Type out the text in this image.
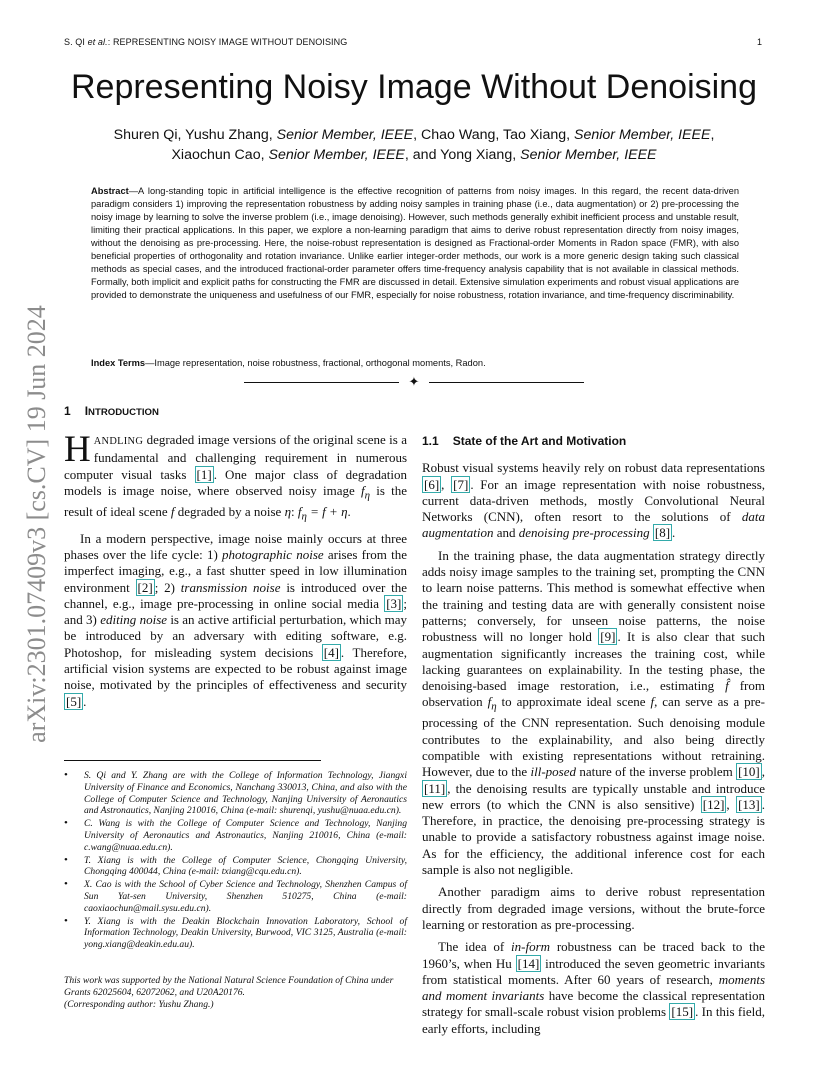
S. QI et al.: REPRESENTING NOISY IMAGE WITHOUT DENOISING	1
arXiv:2301.07409v3 [cs.CV] 19 Jun 2024
Representing Noisy Image Without Denoising
Shuren Qi, Yushu Zhang, Senior Member, IEEE, Chao Wang, Tao Xiang, Senior Member, IEEE,
Xiaochun Cao, Senior Member, IEEE, and Yong Xiang, Senior Member, IEEE

Abstract—A long-standing topic in artificial intelligence is the effective recognition of patterns from noisy images. In this regard, the recent data-driven paradigm considers 1) improving the representation robustness by adding noisy samples in training phase (i.e., data augmentation) or 2) pre-processing the noisy image by learning to solve the inverse problem (i.e., image denoising). However, such methods generally exhibit inefficient process and unstable result, limiting their practical applications. In this paper, we explore a non-learning paradigm that aims to derive robust representation directly from noisy images, without the denoising as pre-processing. Here, the noise-robust representation is designed as Fractional-order Moments in Radon space (FMR), with also beneficial properties of orthogonality and rotation invariance. Unlike earlier integer-order methods, our work is a more generic design taking such classical methods as special cases, and the introduced fractional-order parameter offers time-frequency analysis capability that is not available in classical methods. Formally, both implicit and explicit paths for constructing the FMR are discussed in detail. Extensive simulation experiments and robust visual applications are provided to demonstrate the uniqueness and usefulness of our FMR, especially for noise robustness, rotation invariance, and time-frequency discriminability.

Index Terms—Image representation, noise robustness, fractional, orthogonal moments, Radon.

✦
1 INTRODUCTION

HANDLING degraded image versions of the original scene is a fundamental and challenging requirement in numerous computer visual tasks [1] . One major class of degradation models is image noise, where observed noisy image $f_\eta$ is the result of ideal scene f degraded by a noise η: $f_\eta = f + \eta$.

In a modern perspective, image noise mainly occurs at three phases over the life cycle: 1) photographic noise arises from the imperfect imaging, e.g., a fast shutter speed in low illumination environment [2] ; 2) transmission noise is introduced over the channel, e.g., image pre-processing in online social media [3] ; and 3) editing noise is an active artificial perturbation, which may be introduced by an adversary with editing software, e.g. Photoshop, for misleading system decisions [4] . Therefore, artificial vision systems are expected to be robust against image noise, motivated by the principles of effectiveness and security [5] .

• S. Qi and Y. Zhang are with the College of Information Technology, Jiangxi University of Finance and Economics, Nanchang 330013, China, and also with the College of Computer Science and Technology, Nanjing University of Aeronautics and Astronautics, Nanjing 210016, China (e-mail: shurenqi, yushu@nuaa.edu.cn).
• C. Wang is with the College of Computer Science and Technology, Nanjing University of Aeronautics and Astronautics, Nanjing 210016, China (e-mail: c.wang@nuaa.edu.cn).
• T. Xiang is with the College of Computer Science, Chongqing University, Chongqing 400044, China (e-mail: txiang@cqu.edu.cn).
• X. Cao is with the School of Cyber Science and Technology, Shenzhen Campus of Sun Yat-sen University, Shenzhen 510275, China (e-mail: caoxiaochun@mail.sysu.edu.cn).
• Y. Xiang is with the Deakin Blockchain Innovation Laboratory, School of Information Technology, Deakin University, Burwood, VIC 3125, Australia (e-mail: yong.xiang@deakin.edu.au).

This work was supported by the National Natural Science Foundation of China under Grants 62025604, 62072062, and U20A20176.
(Corresponding author: Yushu Zhang.)

1.1 State of the Art and Motivation

Robust visual systems heavily rely on robust data representations [6] , [7] . For an image representation with noise robustness, current data-driven methods, mostly Convolutional Neural Networks (CNN), often resort to the solutions of data augmentation and denoising pre-processing [8] .

In the training phase, the data augmentation strategy directly adds noisy image samples to the training set, prompting the CNN to learn noise patterns. This method is somewhat effective when the training and testing data are with generally consistent noise patterns; conversely, for unseen noise patterns, the noise robustness will no longer hold [9] . It is also clear that such augmentation significantly increases the training cost, while lacking guarantees on explainability. In the testing phase, the denoising-based image restoration, i.e., estimating f̂ from observation $f_\eta$ to approximate ideal scene f, can serve as a pre-processing of the CNN representation. Such denoising module contributes to the explainability, and also being directly compatible with existing representations without retraining. However, due to the ill-posed nature of the inverse problem [10] , [11] , the denoising results are typically unstable and introduce new errors (to which the CNN is also sensitive) [12] , [13] . Therefore, in practice, the denoising pre-processing strategy is unable to provide a satisfactory robustness against image noise. As for the efficiency, the additional inference cost for each sample is also not negligible.

Another paradigm aims to derive robust representation directly from degraded image versions, without the brute-force learning or restoration as pre-processing.

The idea of in-form robustness can be traced back to the 1960’s, when Hu [14] introduced the seven geometric invariants from statistical moments. After 60 years of research, moments and moment invariants have become the classical representation strategy for small-scale robust vision problems [15] . In this field, early efforts, including
